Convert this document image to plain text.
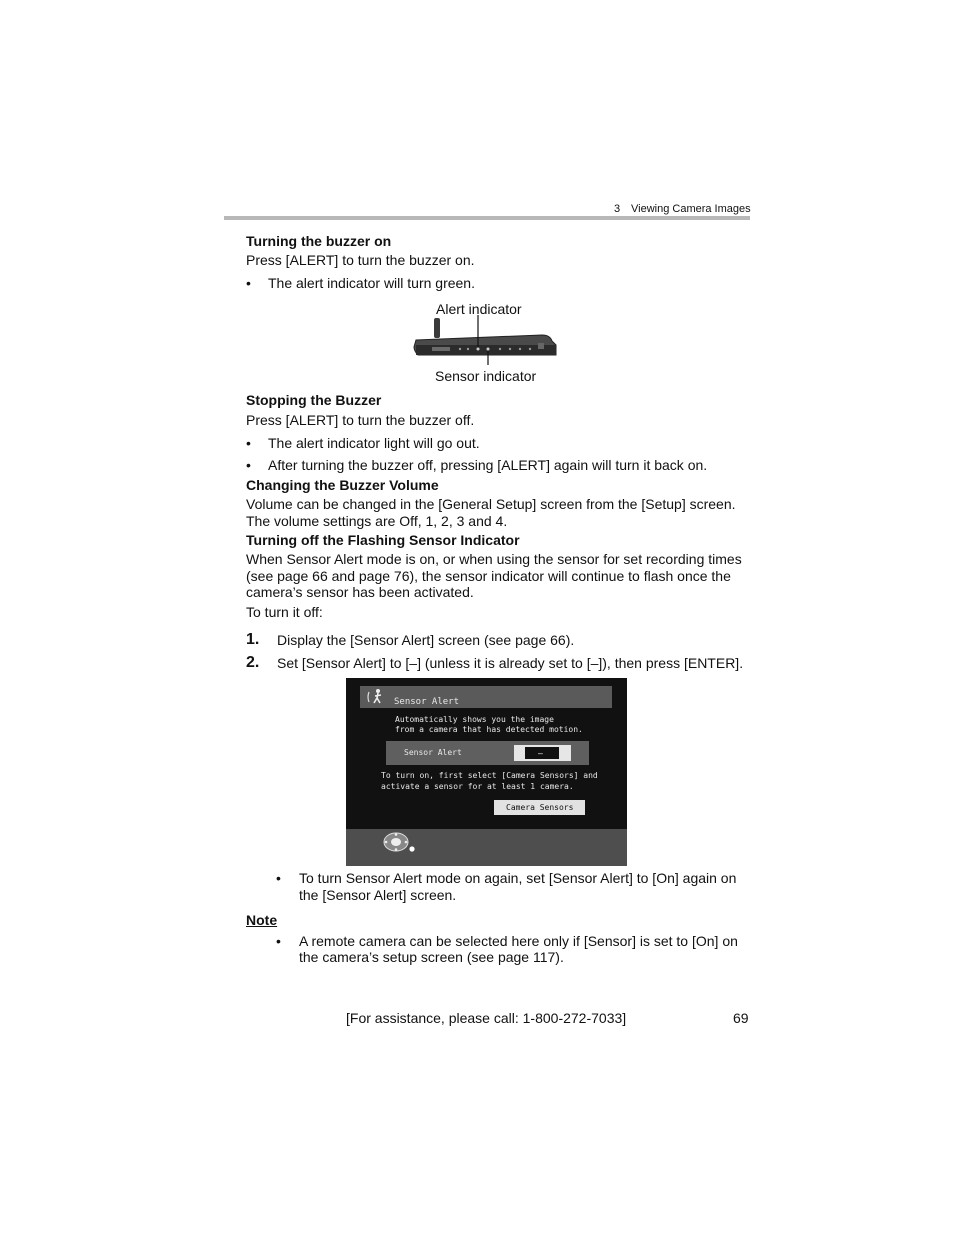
3 Viewing Camera Images
Turning the buzzer on
Press [ALERT] to turn the buzzer on.
• The alert indicator will turn green.
Alert indicator
Sensor indicator
Stopping the Buzzer
Press [ALERT] to turn the buzzer off.
• The alert indicator light will go out.
• After turning the buzzer off, pressing [ALERT] again will turn it back on.
Changing the Buzzer Volume
Volume can be changed in the [General Setup] screen from the [Setup] screen.
The volume settings are Off, 1, 2, 3 and 4.
Turning off the Flashing Sensor Indicator
When Sensor Alert mode is on, or when using the sensor for set recording times
(see page 66 and page 76), the sensor indicator will continue to flash once the
camera’s sensor has been activated.
To turn it off:
1. Display the [Sensor Alert] screen (see page 66).
2. Set [Sensor Alert] to [–] (unless it is already set to [–]), then press [ENTER].
Sensor Alert
Automatically shows you the image
from a camera that has detected motion.
Sensor Alert	–
To turn on, first select [Camera Sensors] and
activate a sensor for at least 1 camera.
Camera Sensors
• To turn Sensor Alert mode on again, set [Sensor Alert] to [On] again on
the [Sensor Alert] screen.
Note
• A remote camera can be selected here only if [Sensor] is set to [On] on
the camera’s setup screen (see page 117).
[For assistance, please call: 1-800-272-7033]	69
